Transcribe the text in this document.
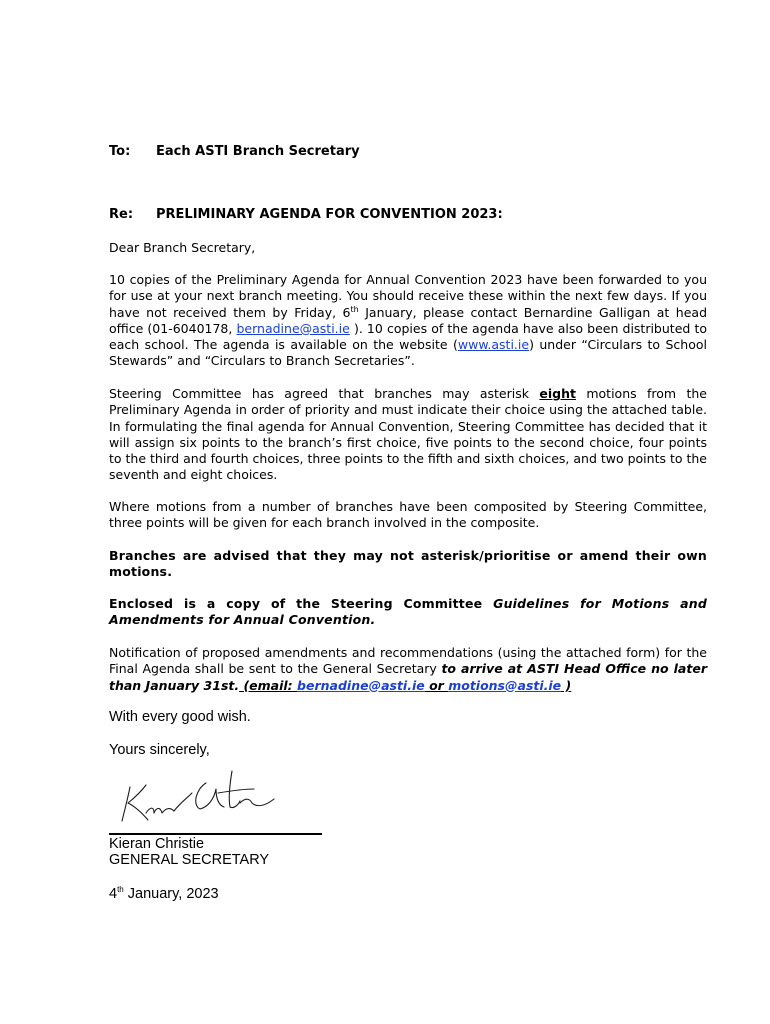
To: Each ASTI Branch Secretary
Re: PRELIMINARY AGENDA FOR CONVENTION 2023:
Dear Branch Secretary,
10 copies of the Preliminary Agenda for Annual Convention 2023 have been forwarded to you for use at your next branch meeting. You should receive these within the next few days. If you have not received them by Friday, 6th January, please contact Bernardine Galligan at head office (01-6040178, bernadine@asti.ie ). 10 copies of the agenda have also been distributed to each school. The agenda is available on the website (www.asti.ie) under “Circulars to School Stewards” and “Circulars to Branch Secretaries”.
Steering Committee has agreed that branches may asterisk eight motions from the Preliminary Agenda in order of priority and must indicate their choice using the attached table. In formulating the final agenda for Annual Convention, Steering Committee has decided that it will assign six points to the branch’s first choice, five points to the second choice, four points to the third and fourth choices, three points to the fifth and sixth choices, and two points to the seventh and eight choices.
Where motions from a number of branches have been composited by Steering Committee, three points will be given for each branch involved in the composite.
Branches are advised that they may not asterisk/prioritise or amend their own motions.
Enclosed is a copy of the Steering Committee Guidelines for Motions and Amendments for Annual Convention.
Notification of proposed amendments and recommendations (using the attached form) for the Final Agenda shall be sent to the General Secretary to arrive at ASTI Head Office no later than January 31st. (email: bernadine@asti.ie or motions@asti.ie )
With every good wish.
Yours sincerely,
Kieran Christie
GENERAL SECRETARY
4th January, 2023
